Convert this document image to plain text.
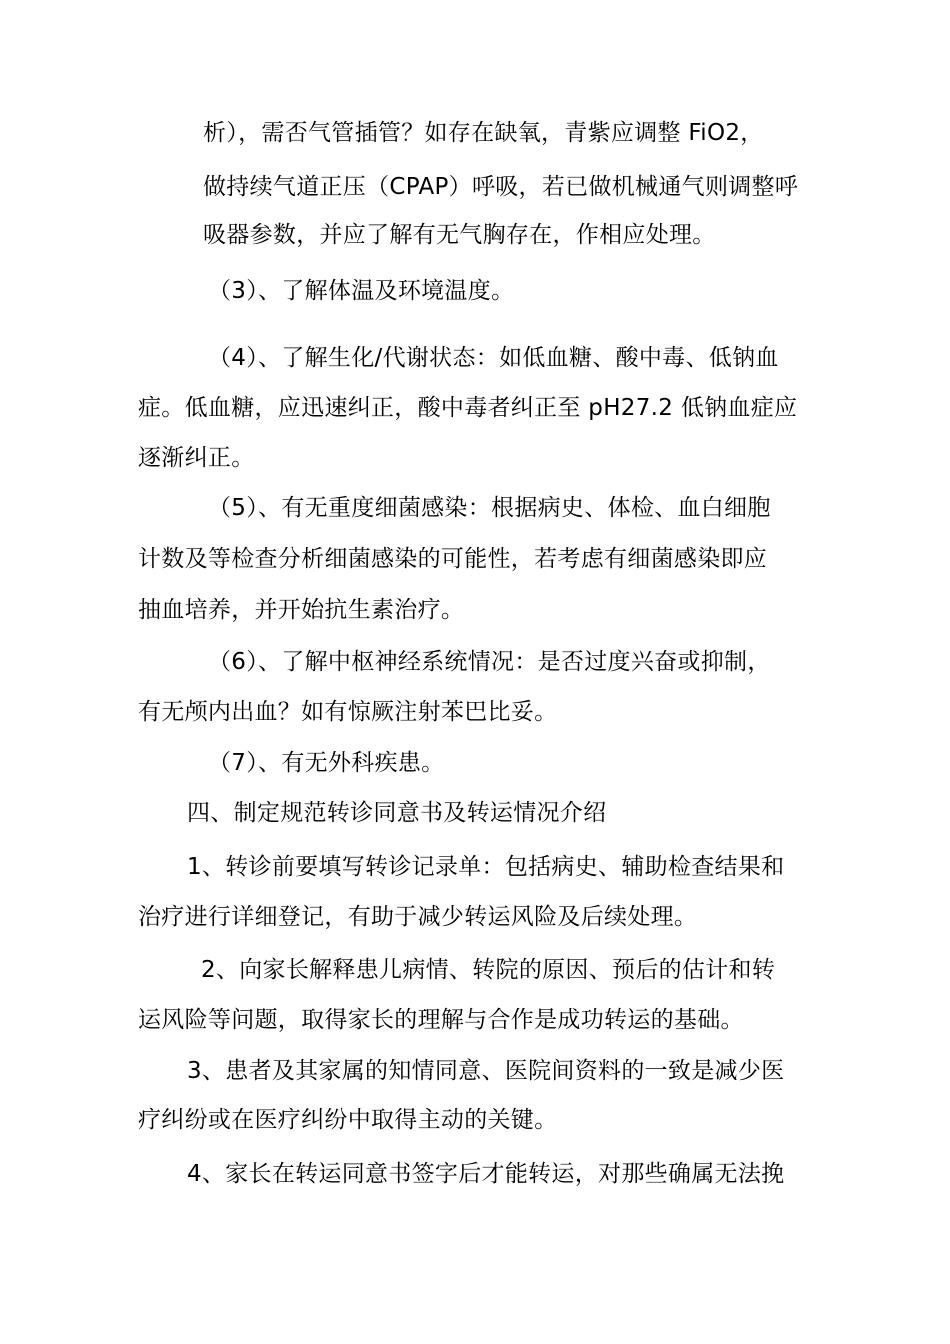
析），需否气管插管？如存在缺氧，青紫应调整 FiO2，
做持续气道正压（CPAP）呼吸，若已做机械通气则调整呼
吸器参数，并应了解有无气胸存在，作相应处理。
（3）、了解体温及环境温度。
（4）、了解生化/代谢状态：如低血糖、酸中毒、低钠血
症。低血糖，应迅速纠正，酸中毒者纠正至 pH27.2 低钠血症应
逐渐纠正。
（5）、有无重度细菌感染：根据病史、体检、血白细胞
计数及等检查分析细菌感染的可能性，若考虑有细菌感染即应
抽血培养，并开始抗生素治疗。
（6）、了解中枢神经系统情况：是否过度兴奋或抑制，
有无颅内出血？如有惊厥注射苯巴比妥。
（7）、有无外科疾患。
四、制定规范转诊同意书及转运情况介绍
1、转诊前要填写转诊记录单：包括病史、辅助检查结果和
治疗进行详细登记，有助于减少转运风险及后续处理。
2、向家长解释患儿病情、转院的原因、预后的估计和转
运风险等问题，取得家长的理解与合作是成功转运的基础。
3、患者及其家属的知情同意、医院间资料的一致是减少医
疗纠纷或在医疗纠纷中取得主动的关键。
4、家长在转运同意书签字后才能转运，对那些确属无法挽
